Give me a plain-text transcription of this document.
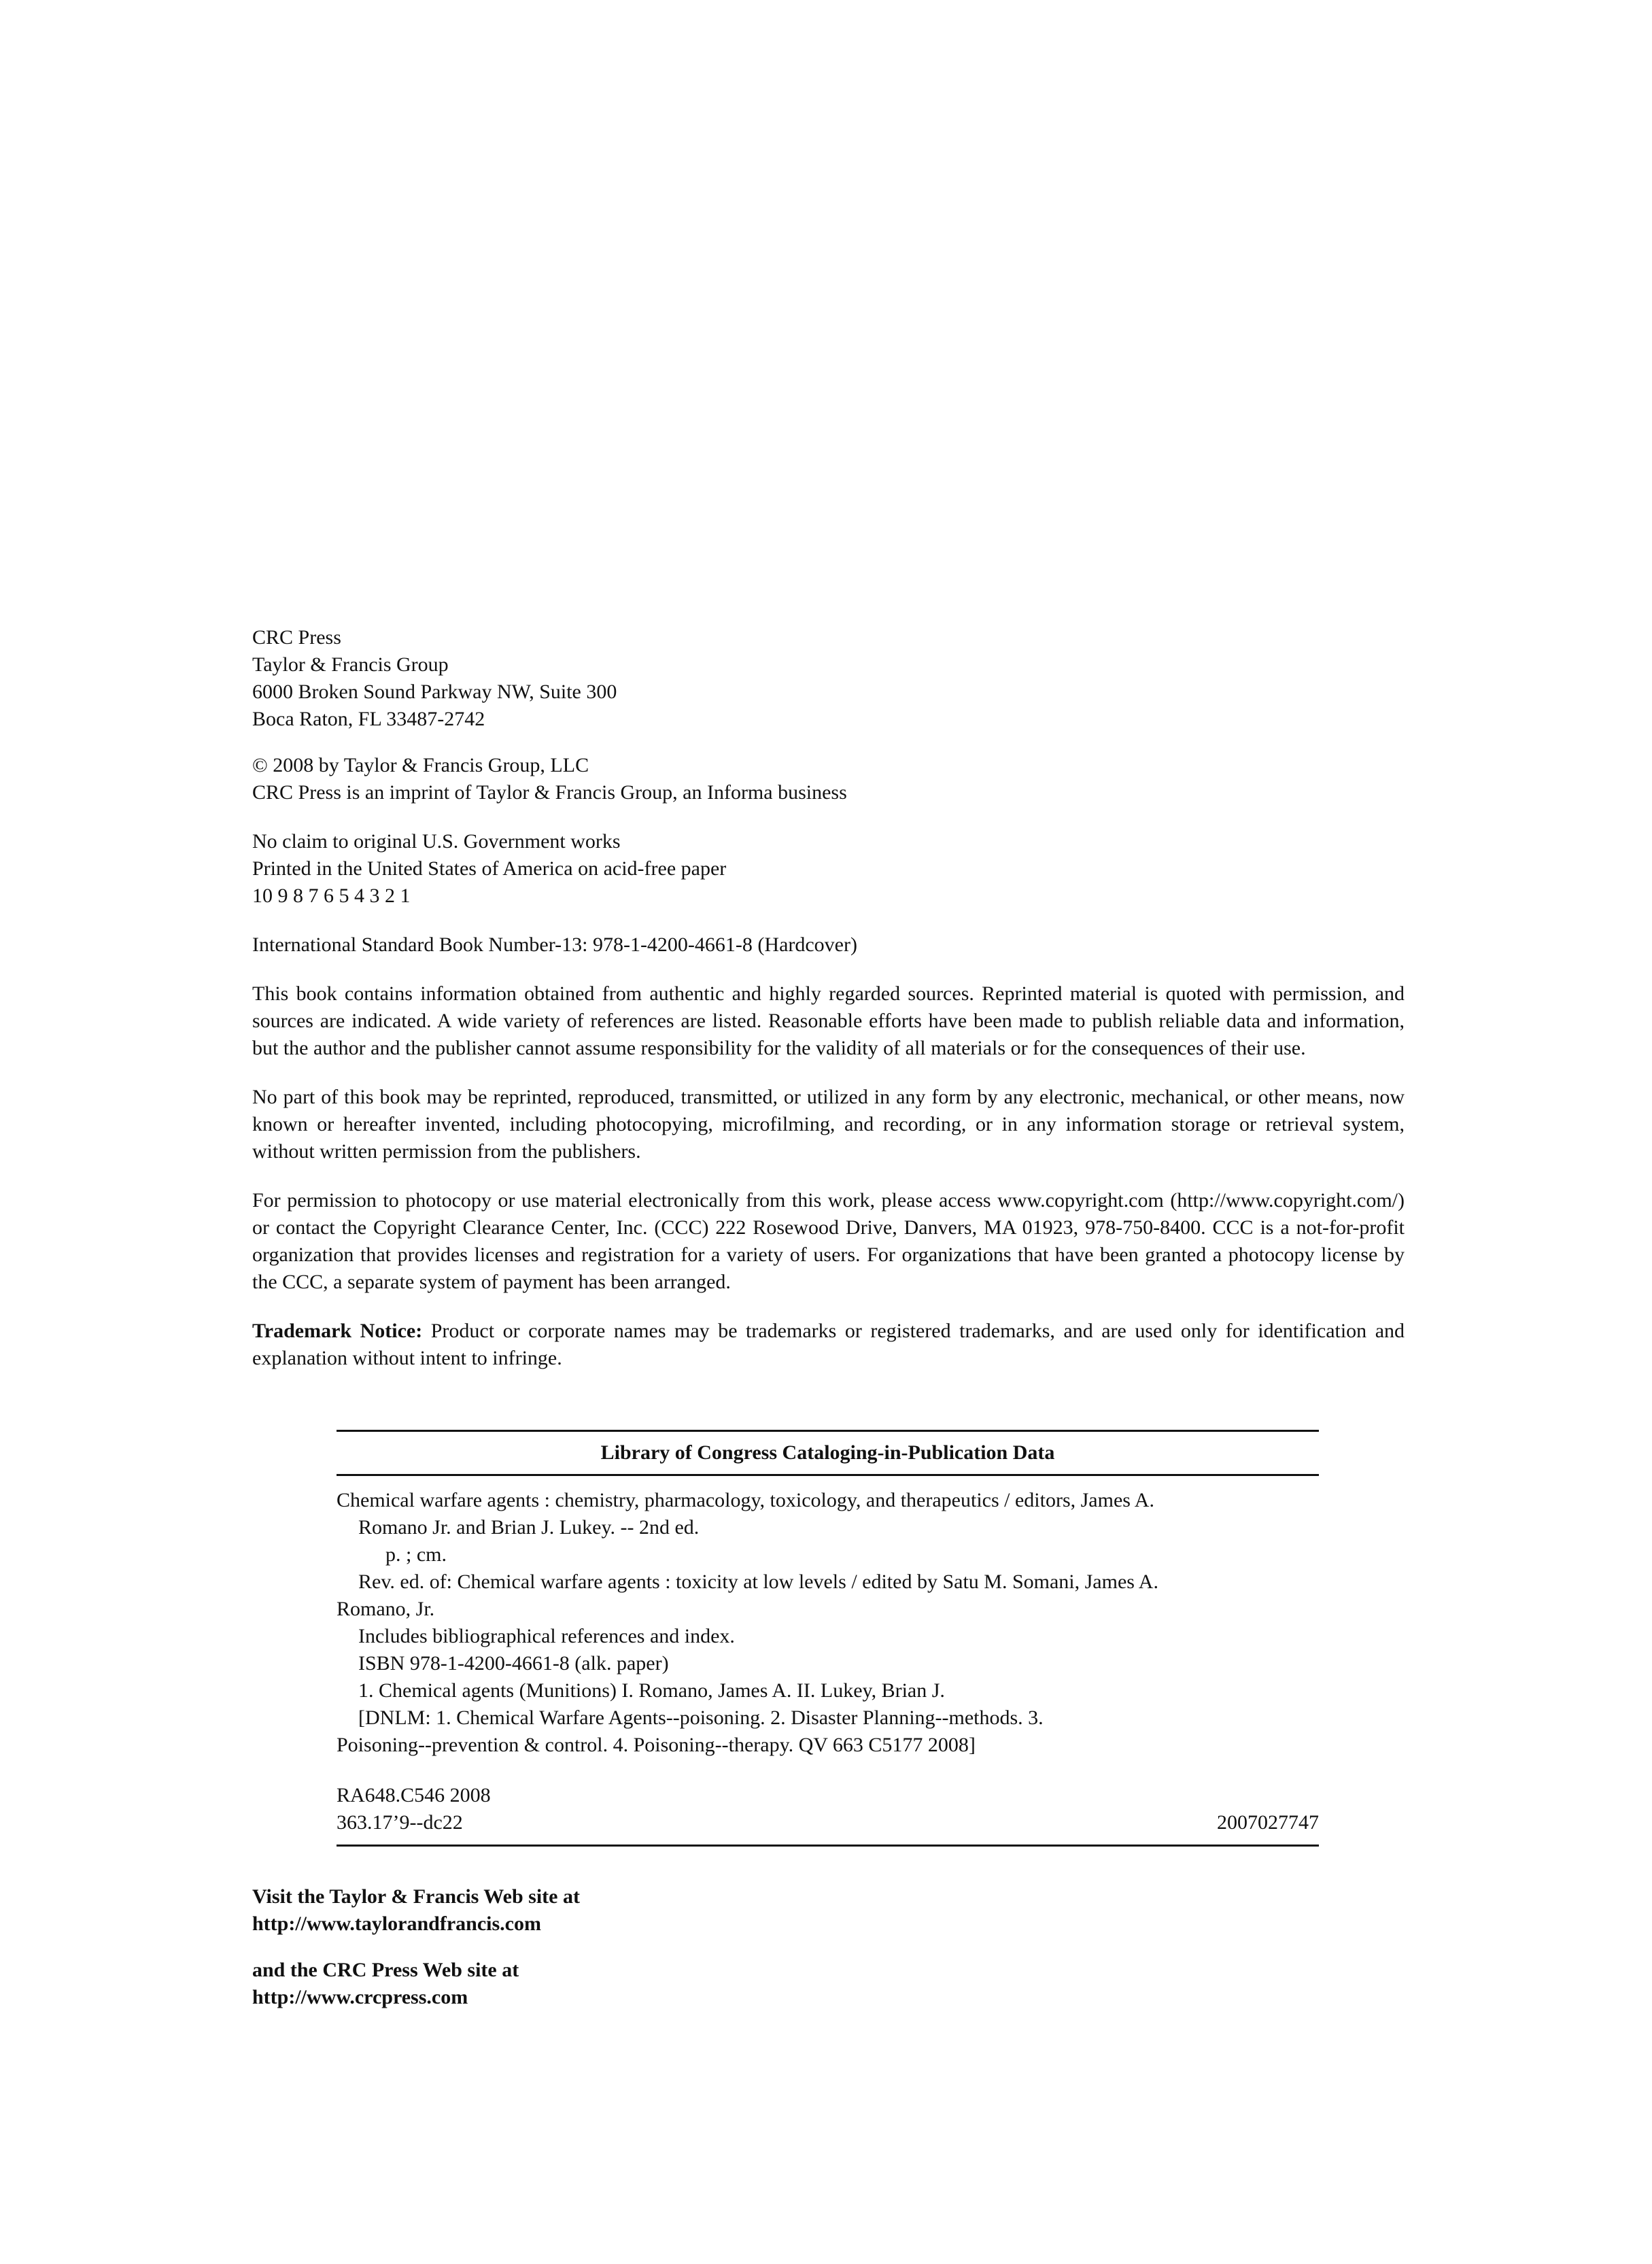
CRC Press
Taylor & Francis Group
6000 Broken Sound Parkway NW, Suite 300
Boca Raton, FL 33487-2742
© 2008 by Taylor & Francis Group, LLC
CRC Press is an imprint of Taylor & Francis Group, an Informa business
No claim to original U.S. Government works
Printed in the United States of America on acid-free paper
10 9 8 7 6 5 4 3 2 1
International Standard Book Number-13: 978-1-4200-4661-8 (Hardcover)

This book contains information obtained from authentic and highly regarded sources. Reprinted material is quoted with permission, and sources are indicated. A wide variety of references are listed. Reasonable efforts have been made to publish reliable data and information, but the author and the publisher cannot assume responsibility for the validity of all materials or for the consequences of their use.

No part of this book may be reprinted, reproduced, transmitted, or utilized in any form by any electronic, mechanical, or other means, now known or hereafter invented, including photocopying, microfilming, and recording, or in any information storage or retrieval system, without written permission from the publishers.

For permission to photocopy or use material electronically from this work, please access www.copyright.com (http://www.copyright.com/) or contact the Copyright Clearance Center, Inc. (CCC) 222 Rosewood Drive, Danvers, MA 01923, 978-750-8400. CCC is a not-for-profit organization that provides licenses and registration for a variety of users. For organizations that have been granted a photocopy license by the CCC, a separate system of payment has been arranged.

Trademark Notice: Product or corporate names may be trademarks or registered trademarks, and are used only for identification and explanation without intent to infringe.

Library of Congress Cataloging-in-Publication Data
Chemical warfare agents : chemistry, pharmacology, toxicology, and therapeutics / editors, James A.
Romano Jr. and Brian J. Lukey. -- 2nd ed.
p. ; cm.
Rev. ed. of: Chemical warfare agents : toxicity at low levels / edited by Satu M. Somani, James A.
Romano, Jr.
Includes bibliographical references and index.
ISBN 978-1-4200-4661-8 (alk. paper)
1. Chemical agents (Munitions) I. Romano, James A. II. Lukey, Brian J.
[DNLM: 1. Chemical Warfare Agents--poisoning. 2. Disaster Planning--methods. 3.
Poisoning--prevention & control. 4. Poisoning--therapy. QV 663 C5177 2008]
RA648.C546 2008
363.17’9--dc22	2007027747
Visit the Taylor & Francis Web site at
http://www.taylorandfrancis.com
and the CRC Press Web site at
http://www.crcpress.com
